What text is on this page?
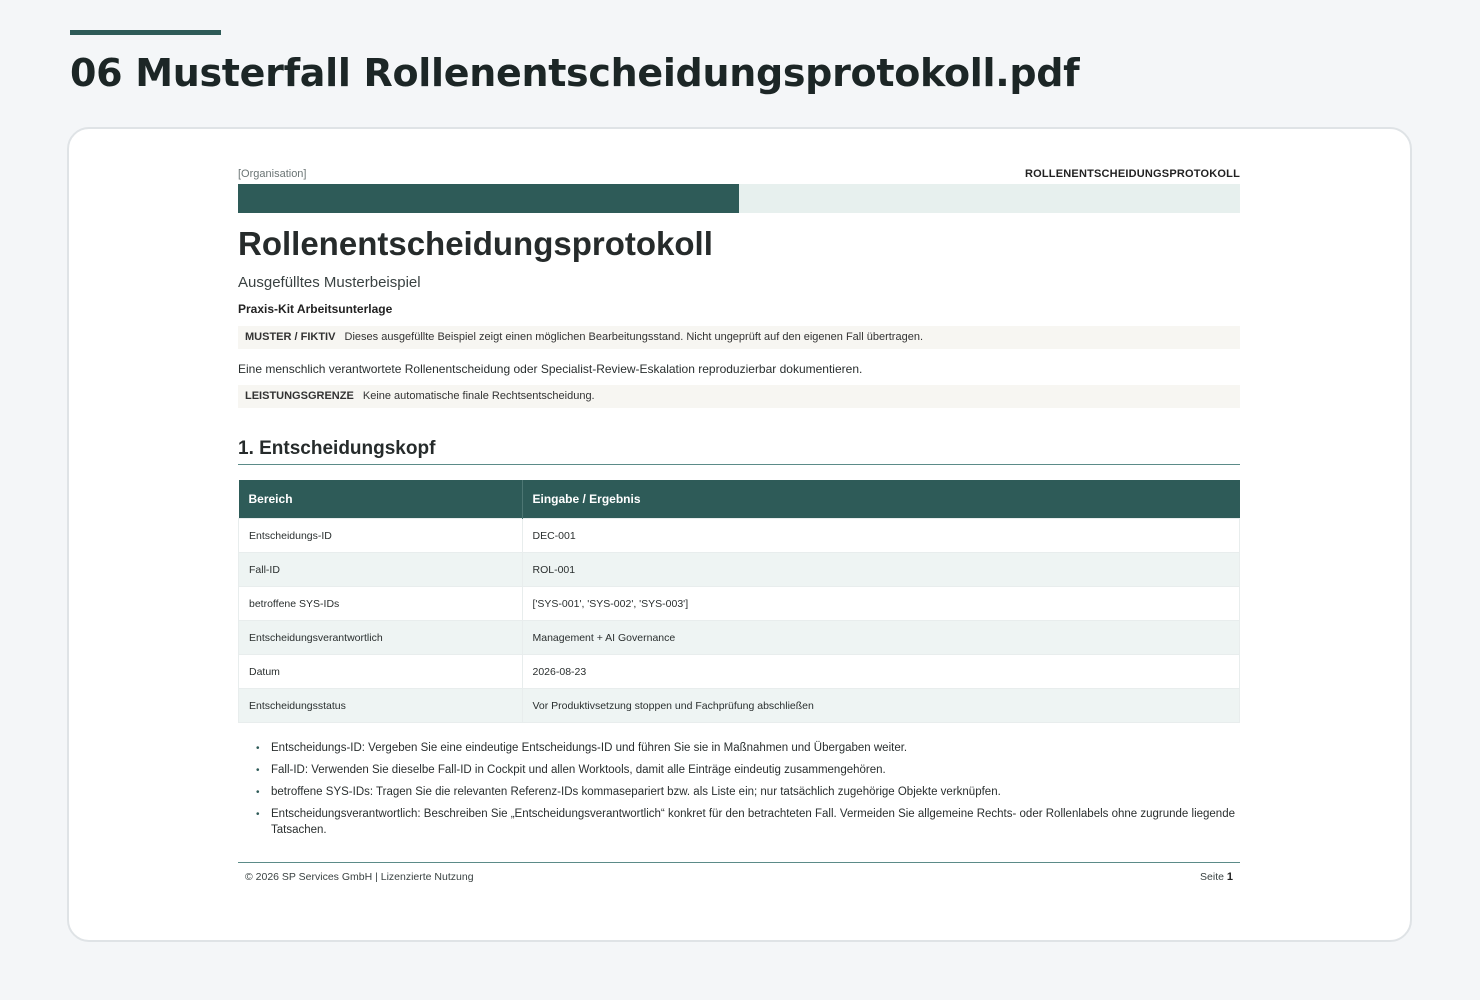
06 Musterfall Rollenentscheidungsprotokoll.pdf
[Organisation]	ROLLENENTSCHEIDUNGSPROTOKOLL
Rollenentscheidungsprotokoll
Ausgefülltes Musterbeispiel
Praxis-Kit Arbeitsunterlage
MUSTER / FIKTIV Dieses ausgefüllte Beispiel zeigt einen möglichen Bearbeitungsstand. Nicht ungeprüft auf den eigenen Fall übertragen.
Eine menschlich verantwortete Rollenentscheidung oder Specialist-Review-Eskalation reproduzierbar dokumentieren.
LEISTUNGSGRENZE Keine automatische finale Rechtsentscheidung.
1. Entscheidungskopf
Bereich	Eingabe / Ergebnis
Entscheidungs-ID	DEC-001
Fall-ID	ROL-001
betroffene SYS-IDs	['SYS-001', 'SYS-002', 'SYS-003']
Entscheidungsverantwortlich	Management + AI Governance
Datum	2026-08-23
Entscheidungsstatus	Vor Produktivsetzung stoppen und Fachprüfung abschließen
• Entscheidungs-ID: Vergeben Sie eine eindeutige Entscheidungs-ID und führen Sie sie in Maßnahmen und Übergaben weiter.
• Fall-ID: Verwenden Sie dieselbe Fall-ID in Cockpit und allen Worktools, damit alle Einträge eindeutig zusammengehören.
• betroffene SYS-IDs: Tragen Sie die relevanten Referenz-IDs kommasepariert bzw. als Liste ein; nur tatsächlich zugehörige Objekte verknüpfen.
• Entscheidungsverantwortlich: Beschreiben Sie „Entscheidungsverantwortlich“ konkret für den betrachteten Fall. Vermeiden Sie allgemeine Rechts- oder Rollenlabels ohne zugrunde liegende Tatsachen.
© 2026 SP Services GmbH | Lizenzierte Nutzung	Seite 1
